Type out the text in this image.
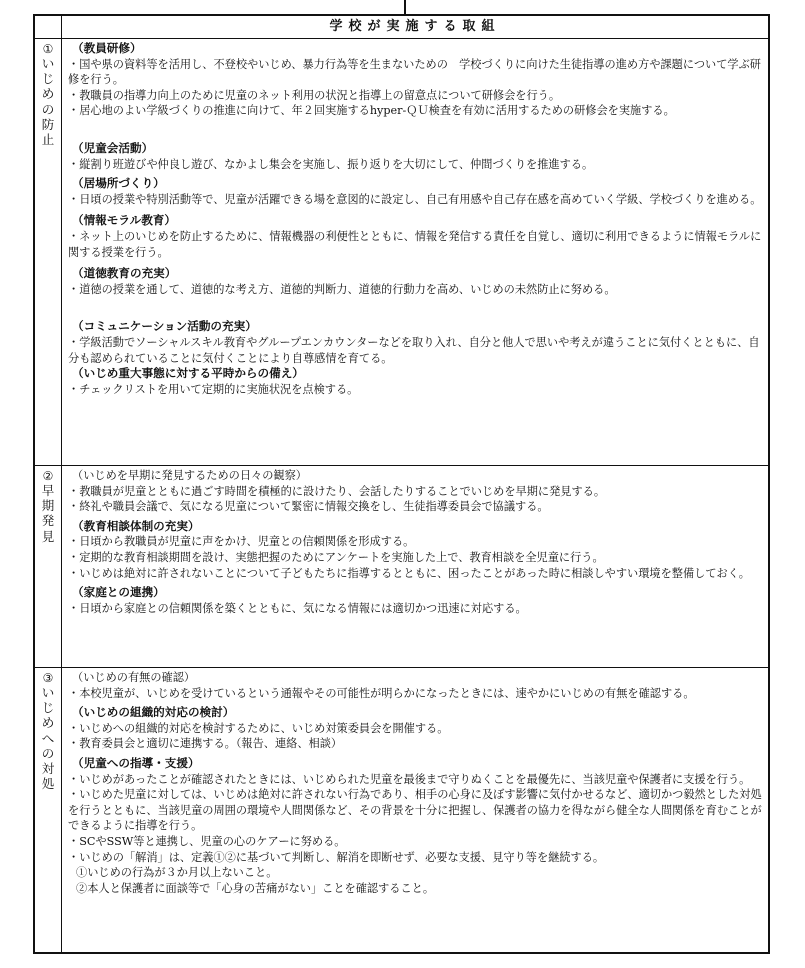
学校が実施する取組
①
いじめの防止
（教員研修）
・国や県の資料等を活用し、不登校やいじめ、暴力行為等を生まないための　学校づくりに向けた生徒指導の進め方や課題について学ぶ研修を行う。
・教職員の指導力向上のために児童のネット利用の状況と指導上の留意点について研修会を行う。
・居心地のよい学級づくりの推進に向けて、年２回実施するhyper-ＱＵ検査を有効に活用するための研修会を実施する。
（児童会活動）
・縦割り班遊びや仲良し遊び、なかよし集会を実施し、振り返りを大切にして、仲間づくりを推進する。
（居場所づくり）
・日頃の授業や特別活動等で、児童が活躍できる場を意図的に設定し、自己有用感や自己存在感を高めていく学級、学校づくりを進める。
（情報モラル教育）
・ネット上のいじめを防止するために、情報機器の利便性とともに、情報を発信する責任を自覚し、適切に利用できるように情報モラルに関する授業を行う。
（道徳教育の充実）
・道徳の授業を通して、道徳的な考え方、道徳的判断力、道徳的行動力を高め、いじめの未然防止に努める。
（コミュニケーション活動の充実）
・学級活動でソーシャルスキル教育やグループエンカウンターなどを取り入れ、自分と他人で思いや考えが違うことに気付くとともに、自分も認められていることに気付くことにより自尊感情を育てる。
（いじめ重大事態に対する平時からの備え）
・チェックリストを用いて定期的に実施状況を点検する。
②
早期発見
（いじめを早期に発見するための日々の観察）
・教職員が児童とともに過ごす時間を積極的に設けたり、会話したりすることでいじめを早期に発見する。
・終礼や職員会議で、気になる児童について緊密に情報交換をし、生徒指導委員会で協議する。
（教育相談体制の充実）
・日頃から教職員が児童に声をかけ、児童との信頼関係を形成する。
・定期的な教育相談期間を設け、実態把握のためにアンケートを実施した上で、教育相談を全児童に行う。
・いじめは絶対に許されないことについて子どもたちに指導するとともに、困ったことがあった時に相談しやすい環境を整備しておく。
（家庭との連携）
・日頃から家庭との信頼関係を築くとともに、気になる情報には適切かつ迅速に対応する。
③
いじめへの対処
（いじめの有無の確認）
・本校児童が、いじめを受けているという通報やその可能性が明らかになったときには、速やかにいじめの有無を確認する。
（いじめの組織的対応の検討）
・いじめへの組織的対応を検討するために、いじめ対策委員会を開催する。
・教育委員会と適切に連携する。（報告、連絡、相談）
（児童への指導・支援）
・いじめがあったことが確認されたときには、いじめられた児童を最後まで守りぬくことを最優先に、当該児童や保護者に支援を行う。
・いじめた児童に対しては、いじめは絶対に許されない行為であり、相手の心身に及ぼす影響に気付かせるなど、適切かつ毅然とした対処を行うとともに、当該児童の周囲の環境や人間関係など、その背景を十分に把握し、保護者の協力を得ながら健全な人間関係を育むことができるように指導を行う。
・SCやSSW等と連携し、児童の心のケアーに努める。
・いじめの「解消」は、定義①②に基づいて判断し、解消を即断せず、必要な支援、見守り等を継続する。
①いじめの行為が３か月以上ないこと。
②本人と保護者に面談等で「心身の苦痛がない」ことを確認すること。
